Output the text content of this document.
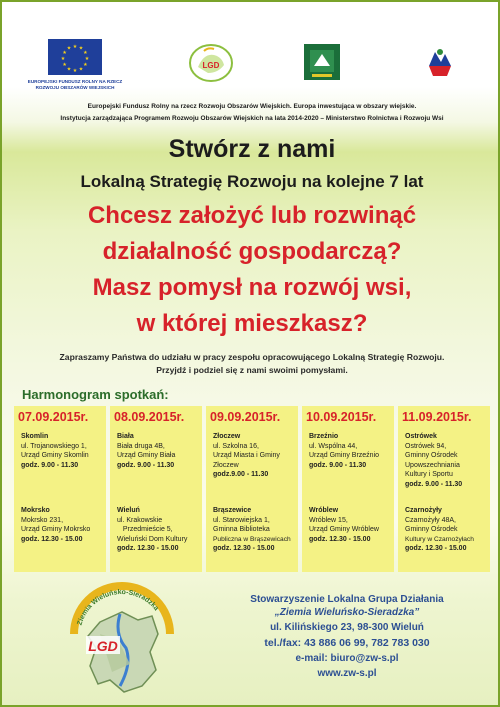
★ ★
★
★
★
★
★
★
★
★
★
★
EUROPEJSKI FUNDUSZ ROLNY NA RZECZ
ROZWOJU OBSZARÓW WIEJSKICH
LGD
Europejski Fundusz Rolny na rzecz Rozwoju Obszarów Wiejskich. Europa inwestująca w obszary wiejskie.
Instytucja zarządzająca Programem Rozwoju Obszarów Wiejskich na lata 2014-2020 – Ministerstwo Rolnictwa i Rozwoju Wsi
Stwórz z nami
Lokalną Strategię Rozwoju na kolejne 7 lat
Chcesz założyć lub rozwinąć
działalność gospodarczą?
Masz pomysł na rozwój wsi,
w której mieszkasz?
Zapraszamy Państwa do udziału w pracy zespołu opracowującego Lokalną Strategię Rozwoju.
Przyjdź i podziel się z nami swoimi pomysłami.
Harmonogram spotkań:
07.09.2015r.
Skomlin
ul. Trojanowskiego 1,
Urząd Gminy Skomlin
godz. 9.00 - 11.30
Mokrsko
Mokrsko 231,
Urząd Gminy Mokrsko
godz. 12.30 - 15.00
08.09.2015r.
Biała
Biała druga 4B,
Urząd Gminy Biała
godz. 9.00 - 11.30
Wieluń
ul. Krakowskie
Przedmieście 5,
Wieluński Dom Kultury
godz. 12.30 - 15.00
09.09.2015r.
Złoczew
ul. Szkolna 16,
Urząd Miasta i Gminy
Złoczew
godz.9.00 - 11.30
Brąszewice
ul. Starowiejska 1,
Gminna Biblioteka
Publiczna w Brąszewicach
godz. 12.30 - 15.00
10.09.2015r.
Brzeźnio
ul. Wspólna 44,
Urząd Gminy Brzeźnio
godz. 9.00 - 11.30
Wróblew
Wróblew 15,
Urząd Gminy Wróblew
godz. 12.30 - 15.00
11.09.2015r.
Ostrówek
Ostrówek 94,
Gminny Ośrodek
Upowszechniania
Kultury i Sportu
godz. 9.00 - 11.30
Czarnożyły
Czarnożyły 48A,
Gminny Ośrodek
Kultury w Czarnożyłach
godz. 12.30 - 15.00
Ziemia Wieluńsko-Sieradzka
LGD
Stowarzyszenie Lokalna Grupa Działania
„Ziemia Wieluńsko-Sieradzka”
ul. Kilińskiego 23, 98-300 Wieluń
tel./fax: 43 886 06 99, 782 783 030
e-mail: biuro@zw-s.pl
www.zw-s.pl
